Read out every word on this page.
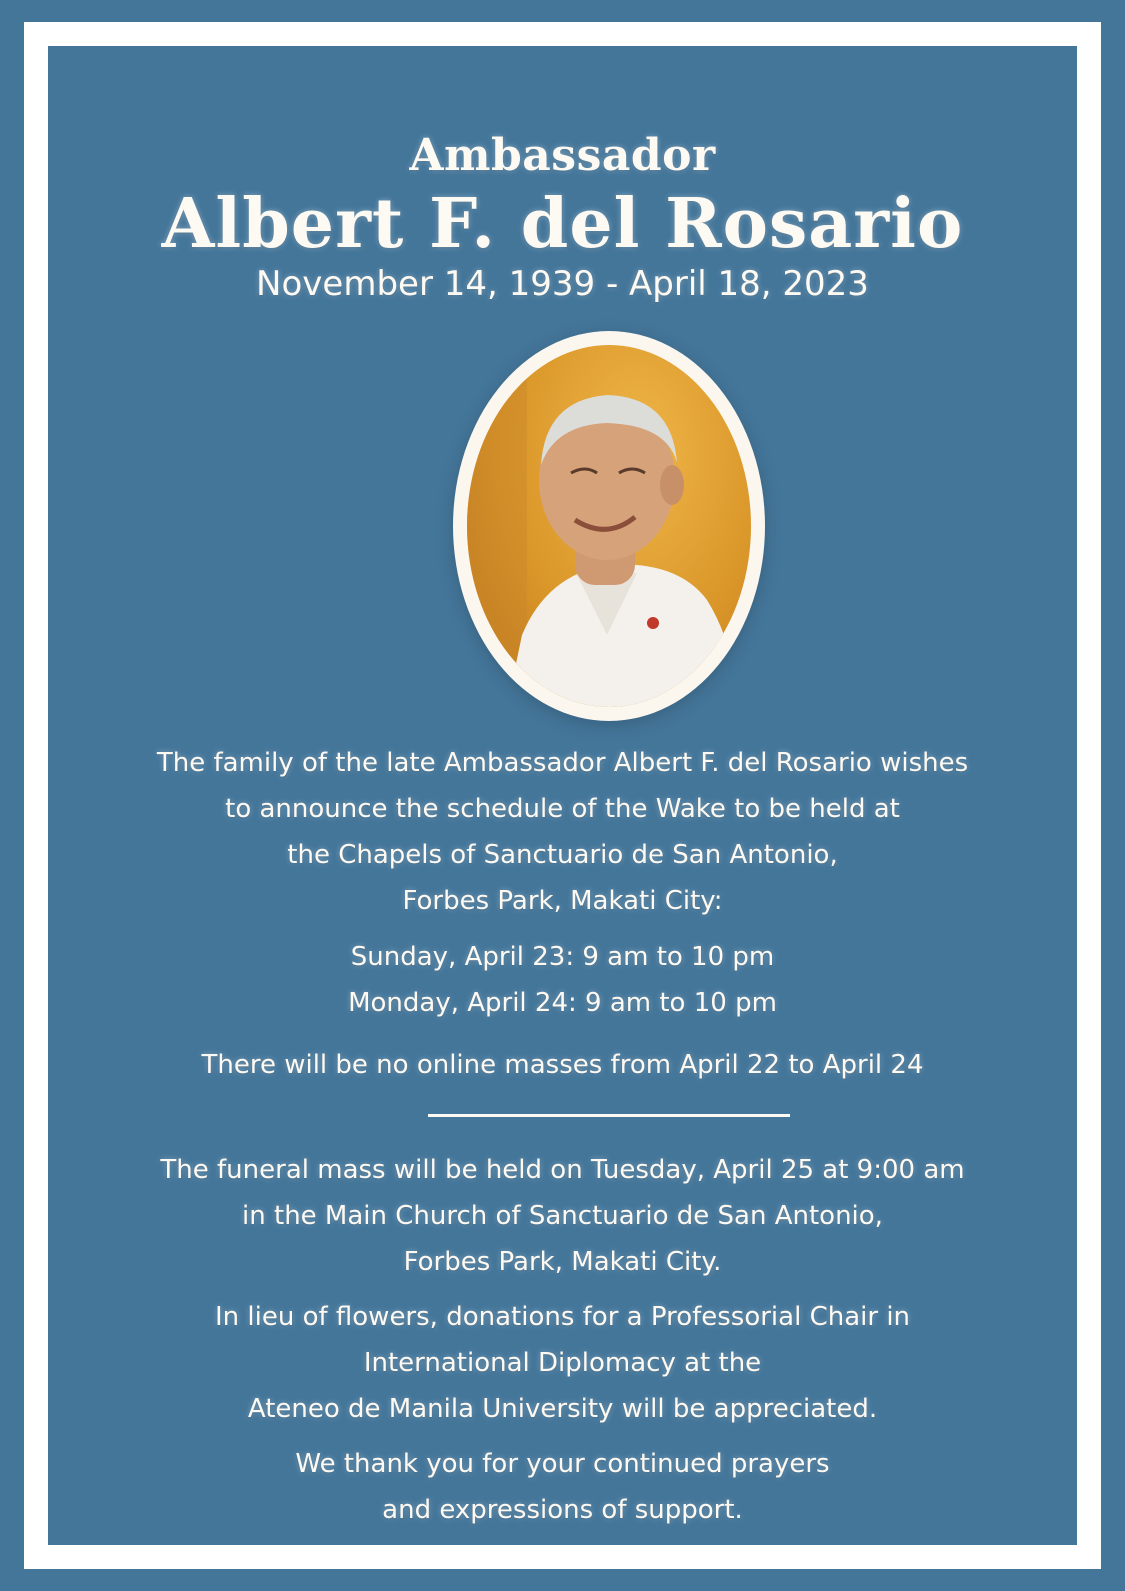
Ambassador
Albert F. del Rosario
November 14, 1939 - April 18, 2023
The family of the late Ambassador Albert F. del Rosario wishes
to announce the schedule of the Wake to be held at
the Chapels of Sanctuario de San Antonio,
Forbes Park, Makati City:
Sunday, April 23: 9 am to 10 pm
Monday, April 24: 9 am to 10 pm
There will be no online masses from April 22 to April 24
The funeral mass will be held on Tuesday, April 25 at 9:00 am
in the Main Church of Sanctuario de San Antonio,
Forbes Park, Makati City.
In lieu of flowers, donations for a Professorial Chair in
International Diplomacy at the
Ateneo de Manila University will be appreciated.
We thank you for your continued prayers
and expressions of support.
